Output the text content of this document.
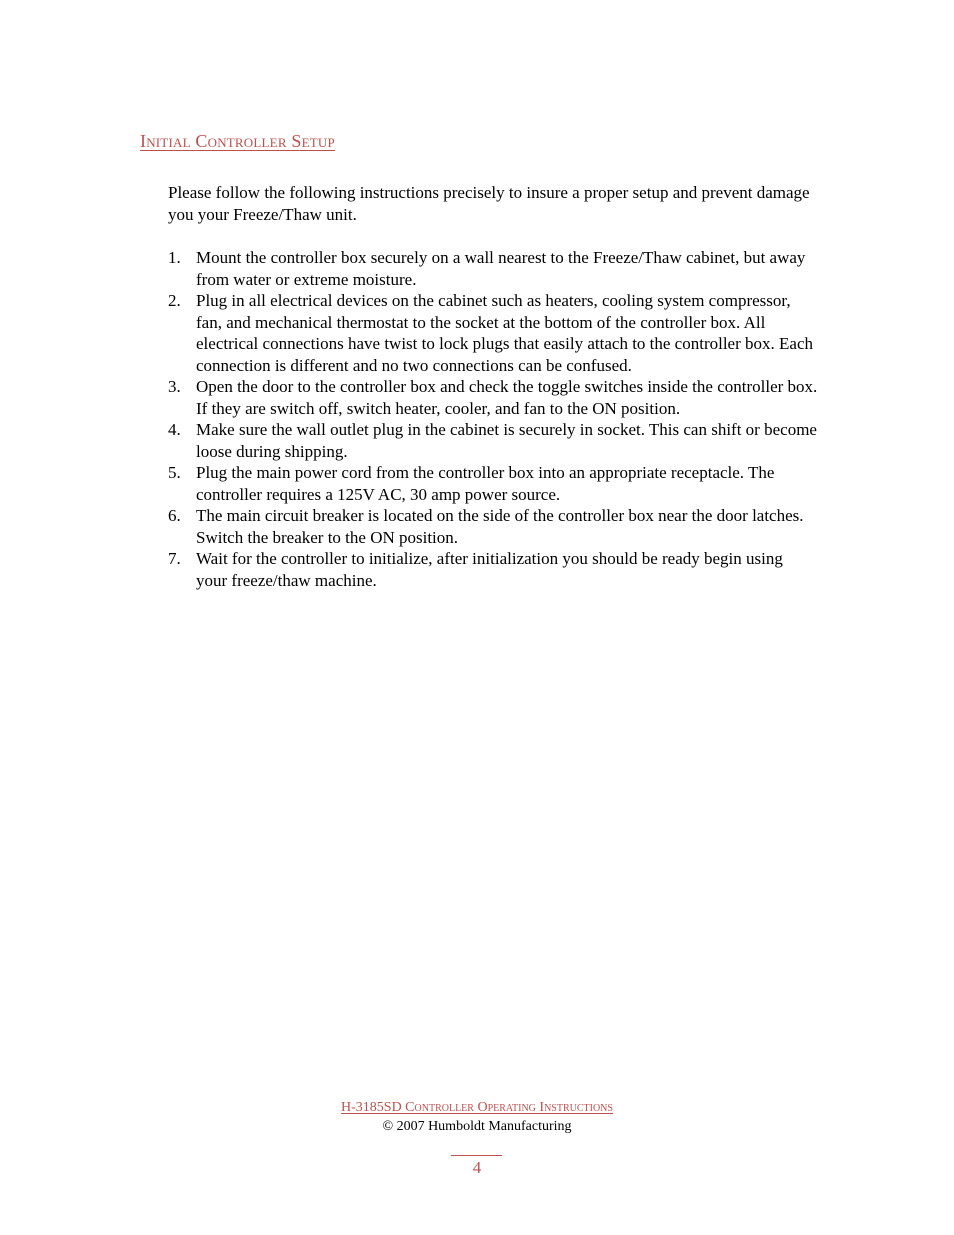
Initial Controller Setup

Please follow the following instructions precisely to insure a proper setup and prevent damage you your Freeze/Thaw unit.

1. Mount the controller box securely on a wall nearest to the Freeze/Thaw cabinet, but away from water or extreme moisture.
2. Plug in all electrical devices on the cabinet such as heaters, cooling system compressor, fan, and mechanical thermostat to the socket at the bottom of the controller box. All electrical connections have twist to lock plugs that easily attach to the controller box. Each connection is different and no two connections can be confused.
3. Open the door to the controller box and check the toggle switches inside the controller box. If they are switch off, switch heater, cooler, and fan to the ON position.
4. Make sure the wall outlet plug in the cabinet is securely in socket. This can shift or become loose during shipping.
5. Plug the main power cord from the controller box into an appropriate receptacle. The controller requires a 125V AC, 30 amp power source.
6. The main circuit breaker is located on the side of the controller box near the door latches. Switch the breaker to the ON position.
7. Wait for the controller to initialize, after initialization you should be ready begin using your freeze/thaw machine.
H-3185SD Controller Operating Instructions
© 2007 Humboldt Manufacturing
4
